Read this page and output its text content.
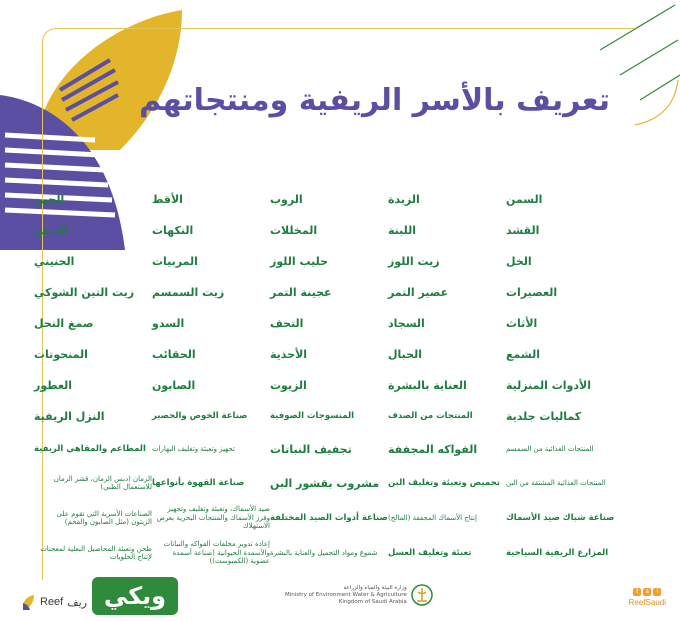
تعريف بالأسر الريفية ومنتجاتهم
السمن
القشد
الخل
العصيرات
الأثاث
الشمع
الأدوات المنزلية
كماليات جلدية
المنتجات الغذائية من السمسم
المنتجات الغذائية المشتقة من البن
صناعة شباك صيد الأسماك
المزارع الريفية السياحية
الزبدة
اللبنة
زيت اللوز
عصير التمر
السجاد
الحبال
العناية بالبشرة
المنتجات من الصدف
الفواكه المجففة
تحميص وتعبئة وتغليف البن
إنتاج الأسماك المجففة (المالح)
تعبئة وتغليف العسل
الروب
المخللات
حليب اللوز
عجينة التمر
التحف
الأحذية
الزيوت
المنسوجات الصوفية
تجفيف النباتات
مشروب بقشور البن
صناعة أدوات الصيد المختلفة
شموع ومواد التجميل والعناية بالبشرة
الأقط
النكهات
المربيات
زيت السمسم
السدو
الحقائب
الصابون
صناعة الخوص والحصير
تجهيز وتعبئة وتغليف البهارات
صناعة القهوة بأنواعها
صيد الأسماك، وتعبئة وتغليف وتجهيز وفرز الأسماك والمنتجات البحرية بغرض الاستهلاك
إعادة تدوير مخلفات الفواكه والنباتات والأسمدة الحيوانية (صناعة أسمدة عضوية (الكمبوست))
الجبن
الدبس
الحنيني
زيت التين الشوكي
صمغ النحل
المنحوتات
العطور
النزل الريفية
المطاعم والمقاهي الريفية
الرمان (دبس الرمان، قشر الرمان للاستعمال الطبي)
الصناعات الأسرية التي تقوم على الزيتون (مثل الصابون والفحم)
طحن وتعبئة المحاصيل البعلية لمعجنات لإنتاج الحلويات
t	s	i
ReefSaudi
وزارة البيئة والمياه والزراعة
Ministry of Environment Water & Agriculture
Kingdom of Saudi Arabia
ويكي
Reef ريف
